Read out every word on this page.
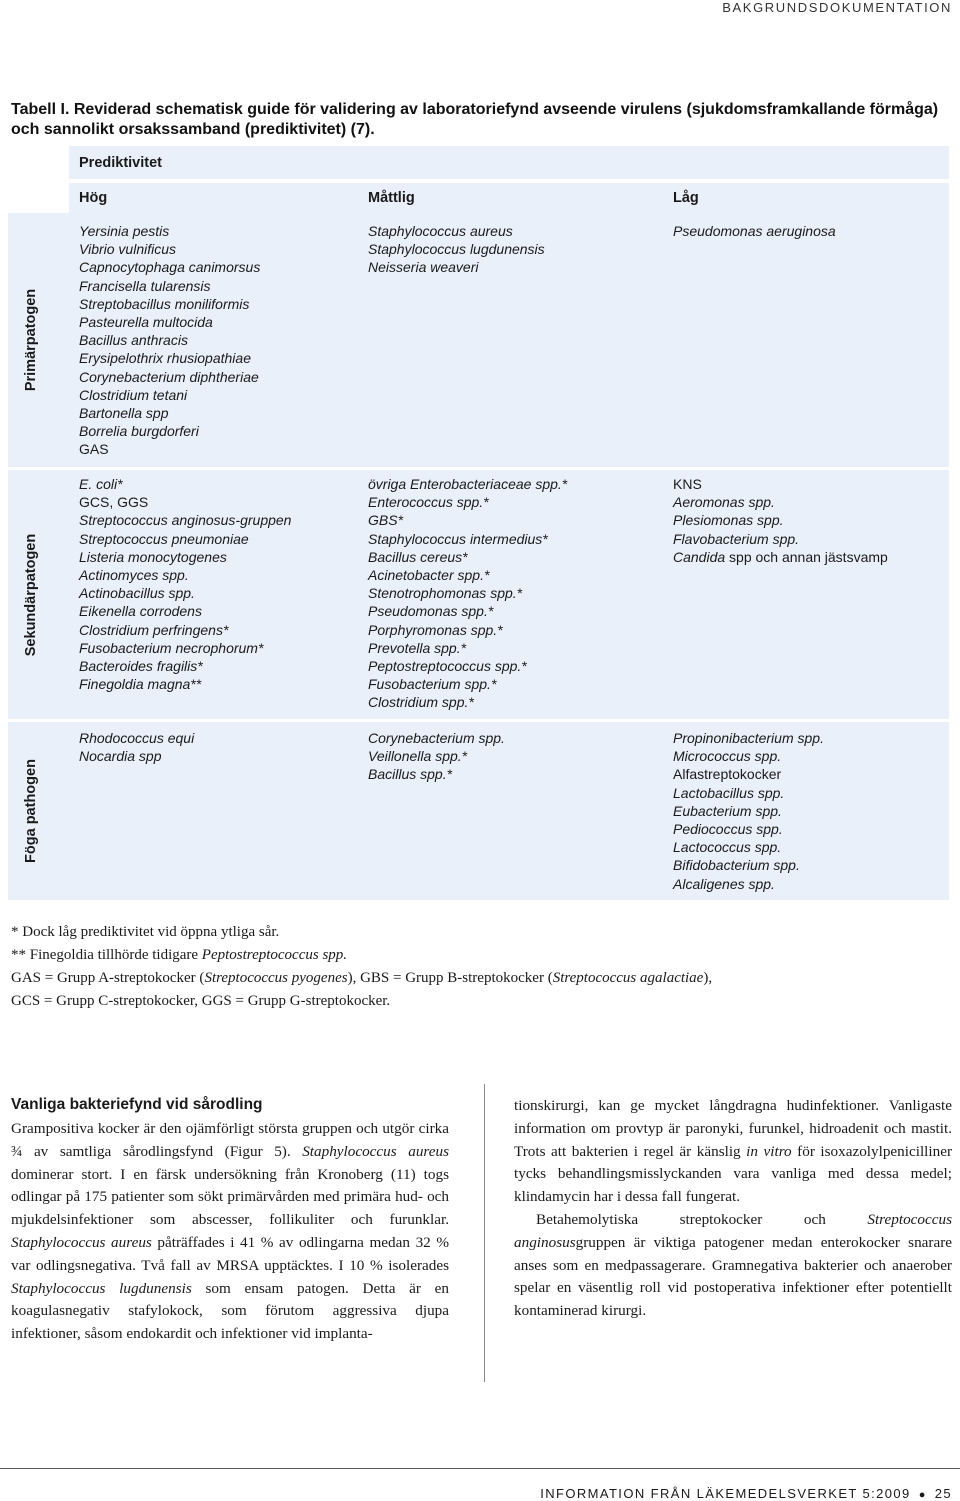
BAKGRUNDSDOKUMENTATION
Tabell I. Reviderad schematisk guide för validering av laboratoriefynd avseende virulens (sjukdomsframkallande förmåga) och sannolikt orsakssamband (prediktivitet) (7).
Prediktivitet
Hög	Måttlig	Låg
Primärpatogen
Sekundärpatogen
Föga pathogen
Yersinia pestis
Vibrio vulnificus
Capnocytophaga canimorsus
Francisella tularensis
Streptobacillus moniliformis
Pasteurella multocida
Bacillus anthracis
Erysipelothrix rhusiopathiae
Corynebacterium diphtheriae
Clostridium tetani
Bartonella spp
Borrelia burgdorferi
GAS
Staphylococcus aureus
Staphylococcus lugdunensis
Neisseria weaveri
Pseudomonas aeruginosa
E. coli*
GCS, GGS
Streptococcus anginosus-gruppen
Streptococcus pneumoniae
Listeria monocytogenes
Actinomyces spp.
Actinobacillus spp.
Eikenella corrodens
Clostridium perfringens*
Fusobacterium necrophorum*
Bacteroides fragilis*
Finegoldia magna**
övriga Enterobacteriaceae spp.*
Enterococcus spp.*
GBS*
Staphylococcus intermedius*
Bacillus cereus*
Acinetobacter spp.*
Stenotrophomonas spp.*
Pseudomonas spp.*
Porphyromonas spp.*
Prevotella spp.*
Peptostreptococcus spp.*
Fusobacterium spp.*
Clostridium spp.*
KNS
Aeromonas spp.
Plesiomonas spp.
Flavobacterium spp.
Candida spp och annan jästsvamp
Rhodococcus equi
Nocardia spp
Corynebacterium spp.
Veillonella spp.*
Bacillus spp.*
Propinonibacterium spp.
Micrococcus spp.
Alfastreptokocker
Lactobacillus spp.
Eubacterium spp.
Pediococcus spp.
Lactococcus spp.
Bifidobacterium spp.
Alcaligenes spp.
* Dock låg prediktivitet vid öppna ytliga sår.
** Finegoldia tillhörde tidigare Peptostreptococcus spp.
GAS = Grupp A-streptokocker (Streptococcus pyogenes), GBS = Grupp B-streptokocker (Streptococcus agalactiae),
GCS = Grupp C-streptokocker, GGS = Grupp G-streptokocker.
Vanliga bakteriefynd vid sårodling
Grampositiva kocker är den ojämförligt största gruppen och utgör cirka ¾ av samtliga sårodlingsfynd (Figur 5). Staphylococcus aureus dominerar stort. I en färsk undersökning från Kronoberg (11) togs odlingar på 175 patienter som sökt primärvården med primära hud- och mjukdelsinfektioner som abscesser, follikuliter och furunklar. Staphylococcus aureus påträffades i 41 % av odlingarna medan 32 % var odlingsnegativa. Två fall av MRSA upptäcktes. I 10 % isolerades Staphylococcus lugdunensis som ensam patogen. Detta är en koagulasnegativ stafylokock, som förutom aggressiva djupa infektioner, såsom endokardit och infektioner vid implanta-
tionskirurgi, kan ge mycket långdragna hudinfektioner. Vanligaste information om provtyp är paronyki, furunkel, hidroadenit och mastit. Trots att bakterien i regel är känslig in vitro för isoxazolylpenicilliner tycks behandlingsmisslyckanden vara vanliga med dessa medel; klindamycin har i dessa fall fungerat.
Betahemolytiska streptokocker och Streptococcus anginosusgruppen är viktiga patogener medan enterokocker snarare anses som en medpassagerare. Gramnegativa bakterier och anaerober spelar en väsentlig roll vid postoperativa infektioner efter potentiellt kontaminerad kirurgi.
INFORMATION FRÅN LÄKEMEDELSVERKET 5:2009 ● 25
